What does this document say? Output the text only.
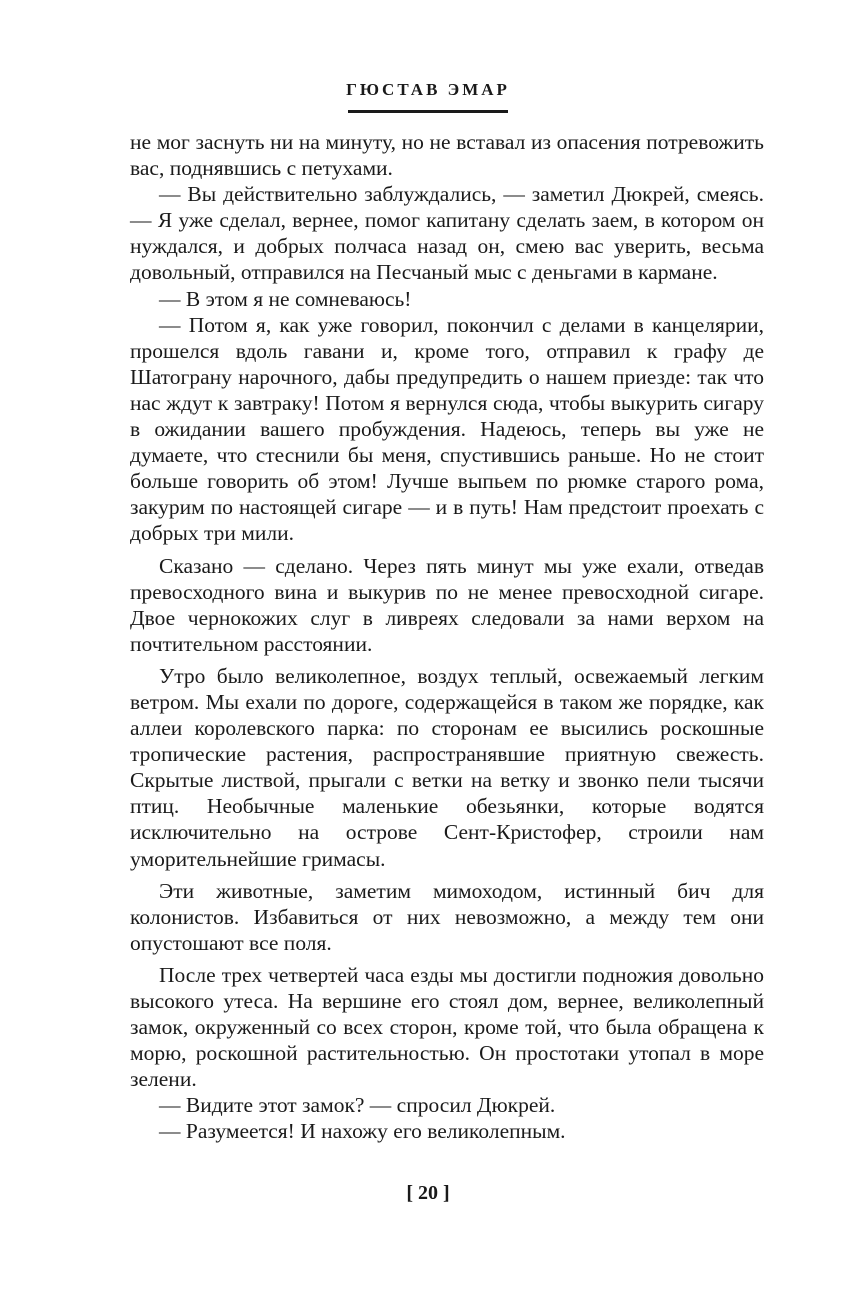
ГЮСТАВ ЭМАР

не мог заснуть ни на минуту, но не вставал из опасения потревожить вас, поднявшись с петухами.

— Вы действительно заблуждались, — заметил Дюкрей, смеясь. — Я уже сделал, вернее, помог капитану сделать заем, в котором он нуждался, и добрых полчаса назад он, смею вас уверить, весьма довольный, отправился на Песчаный мыс с деньгами в кармане.

— В этом я не сомневаюсь!

— Потом я, как уже говорил, покончил с делами в канцелярии, прошелся вдоль гавани и, кроме того, отправил к графу де Шатограну нарочного, дабы предупредить о нашем приезде: так что нас ждут к завтраку! Потом я вернулся сюда, чтобы выкурить сигару в ожидании вашего пробуждения. Надеюсь, теперь вы уже не думаете, что стеснили бы меня, спустившись раньше. Но не стоит больше говорить об этом! Лучше выпьем по рюмке старого рома, закурим по настоящей сигаре — и в путь! Нам предстоит проехать с добрых три мили.

Сказано — сделано. Через пять минут мы уже ехали, отведав превосходного вина и выкурив по не менее превосходной сигаре. Двое чернокожих слуг в ливреях следовали за нами верхом на почтительном расстоянии.

Утро было великолепное, воздух теплый, освежаемый легким ветром. Мы ехали по дороге, содержащейся в таком же порядке, как аллеи королевского парка: по сторонам ее высились роскошные тропические растения, распространявшие приятную свежесть. Скрытые листвой, прыгали с ветки на ветку и звонко пели тысячи птиц. Необычные маленькие обезьянки, которые водятся исключительно на острове Сент-Кристофер, строили нам уморительнейшие гримасы.

Эти животные, заметим мимоходом, истинный бич для колонистов. Избавиться от них невозможно, а между тем они опустошают все поля.

После трех четвертей часа езды мы достигли подножия довольно высокого утеса. На вершине его стоял дом, вернее, великолепный замок, окруженный со всех сторон, кроме той, что была обращена к морю, роскошной растительностью. Он простотаки утопал в море зелени.

— Видите этот замок? — спросил Дюкрей.

— Разумеется! И нахожу его великолепным.

[ 20 ]
